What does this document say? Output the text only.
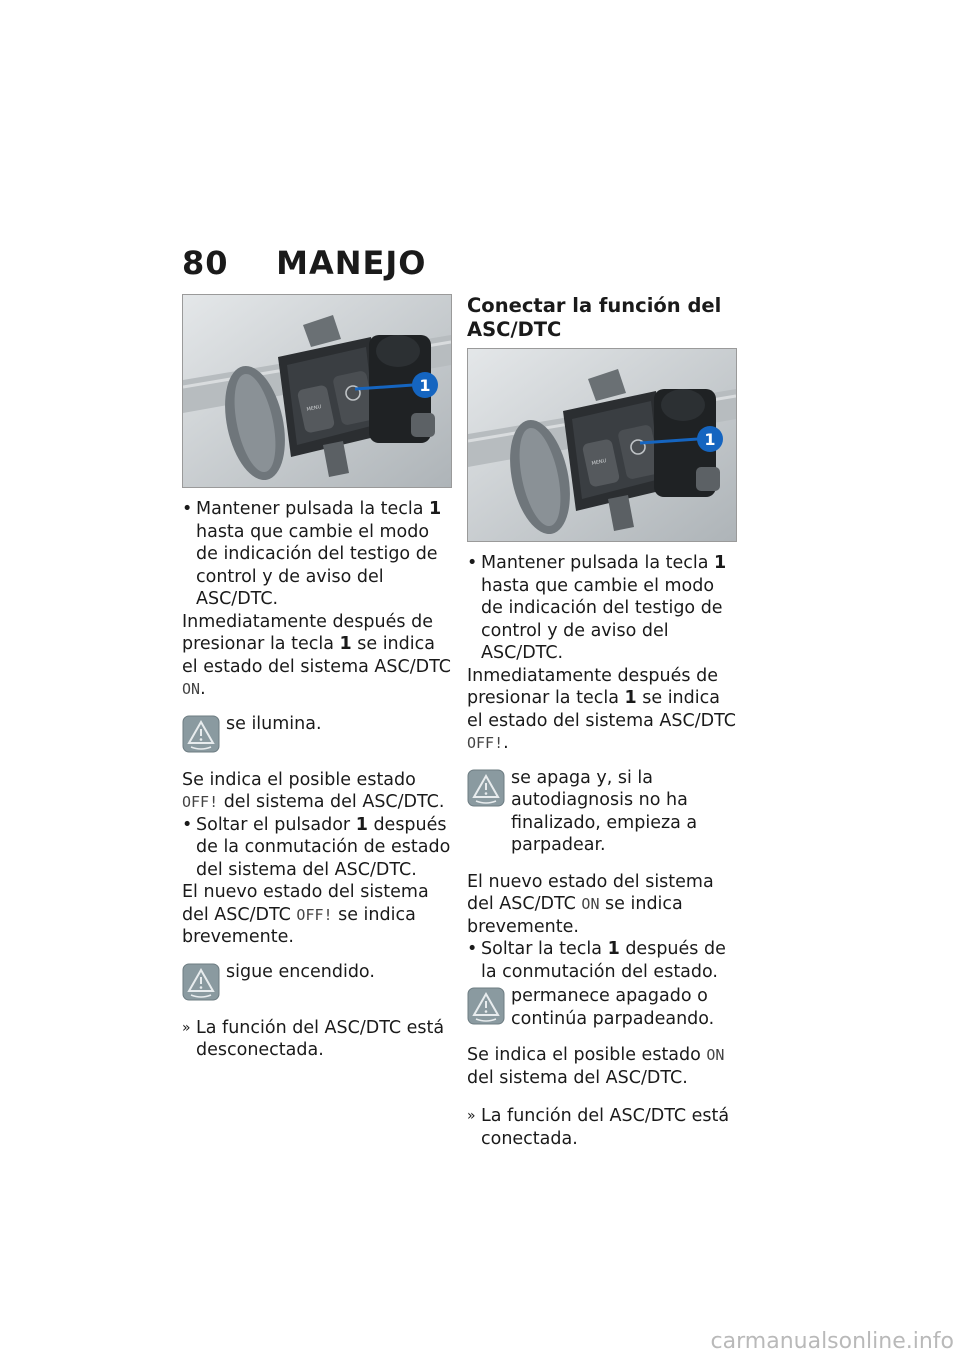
80 MANEJO
1
MENU
• Mantener pulsada la tecla 1 hasta que cambie el modo de indicación del testigo de control y de aviso del ASC/DTC.

Inmediatamente después de presionar la tecla 1 se indica el estado del sistema ASC/DTC ON.

se ilumina.

Se indica el posible estado OFF! del sistema del ASC/DTC.

• Soltar el pulsador 1 después de la conmutación de estado del sistema del ASC/DTC.

El nuevo estado del sistema del ASC/DTC OFF! se indica brevemente.

sigue encendido.
» La función del ASC/DTC está desconectada.
Conectar la función del ASC/DTC
1
MENU
• Mantener pulsada la tecla 1 hasta que cambie el modo de indicación del testigo de control y de aviso del ASC/DTC.

Inmediatamente después de presionar la tecla 1 se indica el estado del sistema ASC/DTC OFF!.

se apaga y, si la autodiagnosis no ha finalizado, empieza a parpadear.

El nuevo estado del sistema del ASC/DTC ON se indica brevemente.

• Soltar la tecla 1 después de la conmutación del estado.
permanece apagado o continúa parpadeando.

Se indica el posible estado ON del sistema del ASC/DTC.

» La función del ASC/DTC está conectada.
carmanualsonline.info
